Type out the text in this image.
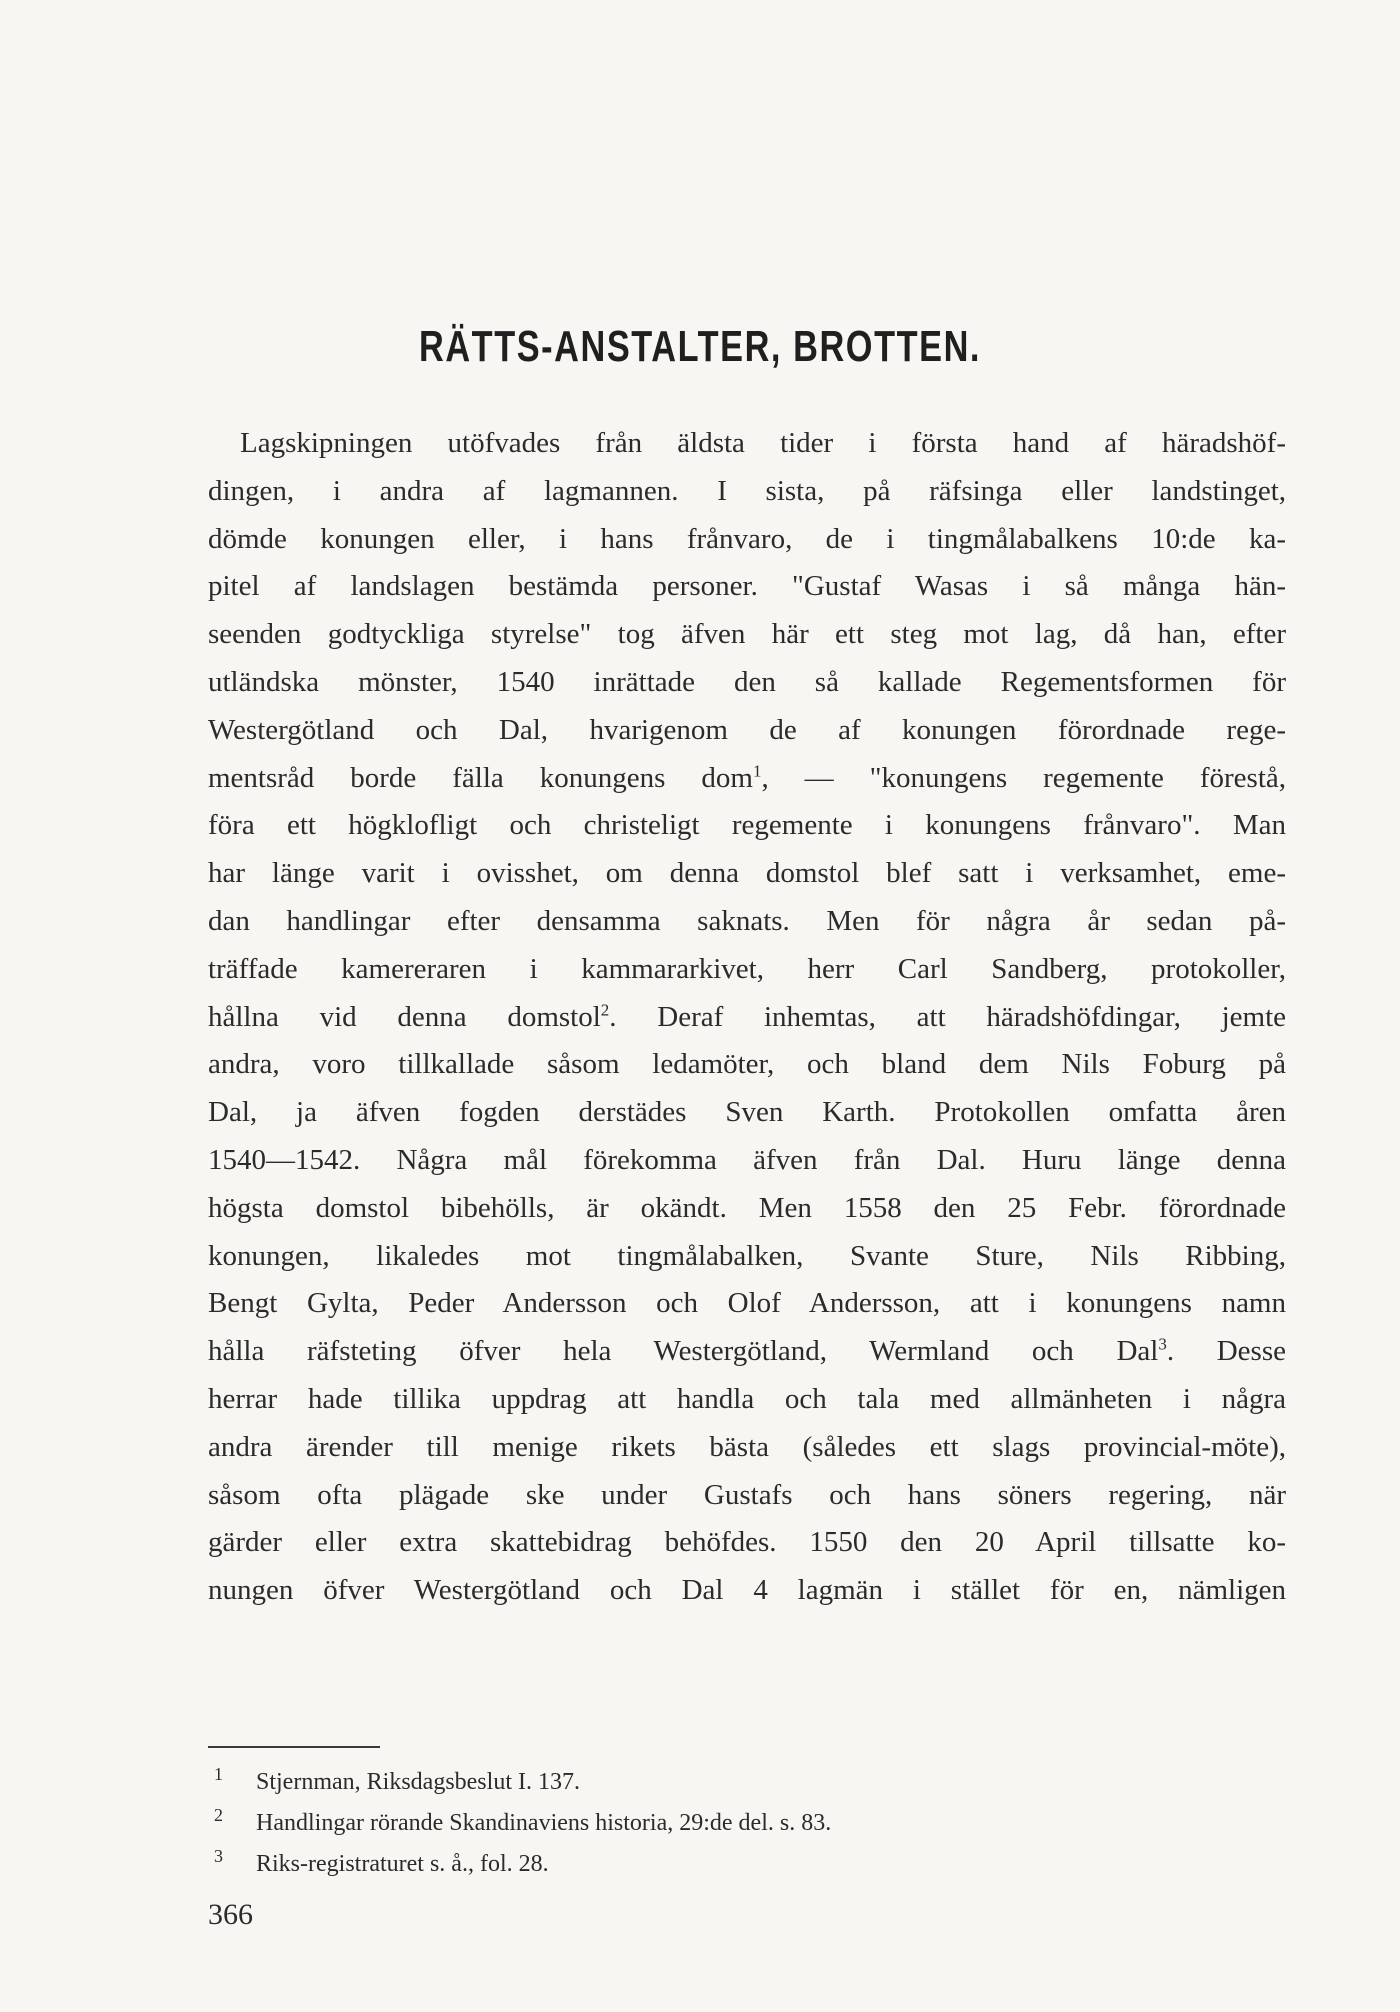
RÄTTS-ANSTALTER, BROTTEN.
Lagskipningen utöfvades från äldsta tider i första hand af häradshöf-
dingen, i andra af lagmannen. I sista, på räfsinga eller landstinget,
dömde konungen eller, i hans frånvaro, de i tingmålabalkens 10:de ka-
pitel af landslagen bestämda personer. "Gustaf Wasas i så många hän-
seenden godtyckliga styrelse" tog äfven här ett steg mot lag, då han, efter
utländska mönster, 1540 inrättade den så kallade Regementsformen för
Westergötland och Dal, hvarigenom de af konungen förordnade rege-
mentsråd borde fälla konungens dom$^1$, — "konungens regemente förestå,
föra ett högklofligt och christeligt regemente i konungens frånvaro". Man
har länge varit i ovisshet, om denna domstol blef satt i verksamhet, eme-
dan handlingar efter densamma saknats. Men för några år sedan på-
träffade kamereraren i kammararkivet, herr Carl Sandberg, protokoller,
hållna vid denna domstol$^2$. Deraf inhemtas, att häradshöfdingar, jemte
andra, voro tillkallade såsom ledamöter, och bland dem Nils Foburg på
Dal, ja äfven fogden derstädes Sven Karth. Protokollen omfatta åren
1540—1542. Några mål förekomma äfven från Dal. Huru länge denna
högsta domstol bibehölls, är okändt. Men 1558 den 25 Febr. förordnade
konungen, likaledes mot tingmålabalken, Svante Sture, Nils Ribbing,
Bengt Gylta, Peder Andersson och Olof Andersson, att i konungens namn
hålla räfsteting öfver hela Westergötland, Wermland och Dal$^3$. Desse
herrar hade tillika uppdrag att handla och tala med allmänheten i några
andra ärender till menige rikets bästa (således ett slags provincial-möte),
såsom ofta plägade ske under Gustafs och hans söners regering, när
gärder eller extra skattebidrag behöfdes. 1550 den 20 April tillsatte ko-
nungen öfver Westergötland och Dal 4 lagmän i stället för en, nämligen
1 Stjernman, Riksdagsbeslut I. 137.
2 Handlingar rörande Skandinaviens historia, 29:de del. s. 83.
3 Riks-registraturet s. å., fol. 28.
366
